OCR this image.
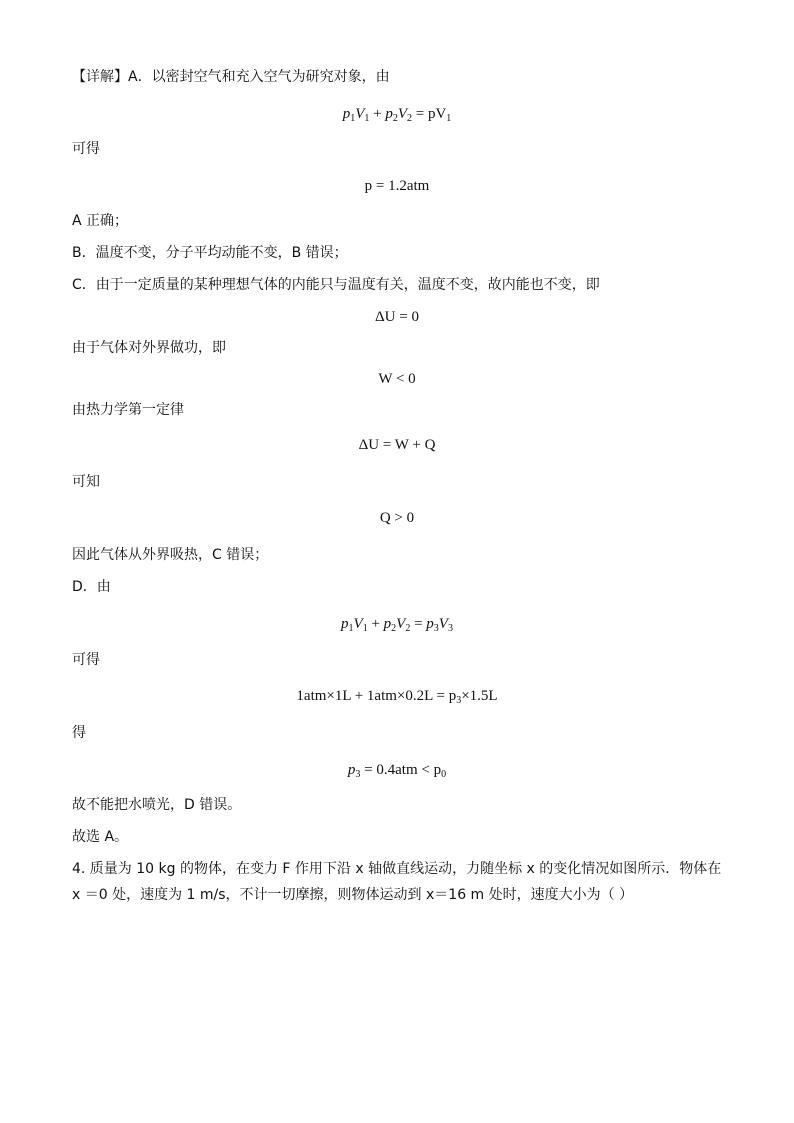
【详解】A．以密封空气和充入空气为研究对象，由
$p_1V_1 + p_2V_2 = pV_1$
可得
p = 1.2atm
A 正确；
B．温度不变，分子平均动能不变，B 错误；
C．由于一定质量的某种理想气体的内能只与温度有关，温度不变，故内能也不变，即
ΔU = 0
由于气体对外界做功，即
W < 0
由热力学第一定律
ΔU = W + Q
可知
Q > 0
因此气体从外界吸热，C 错误；
D．由
$p_1V_1 + p_2V_2 = p_3V_3$
可得
$1atm\times 1L + 1atm\times 0.2L = p_3\times 1.5L$
得
$p_3 = 0.4atm < p_0$
故不能把水喷光，D 错误。
故选 A。
4. 质量为 10 kg 的物体，在变力 F 作用下沿 x 轴做直线运动，力随坐标 x 的变化情况如图所示．物体在 x ＝0 处，速度为 1 m/s，不计一切摩擦，则物体运动到 x＝16 m 处时，速度大小为（ ）
